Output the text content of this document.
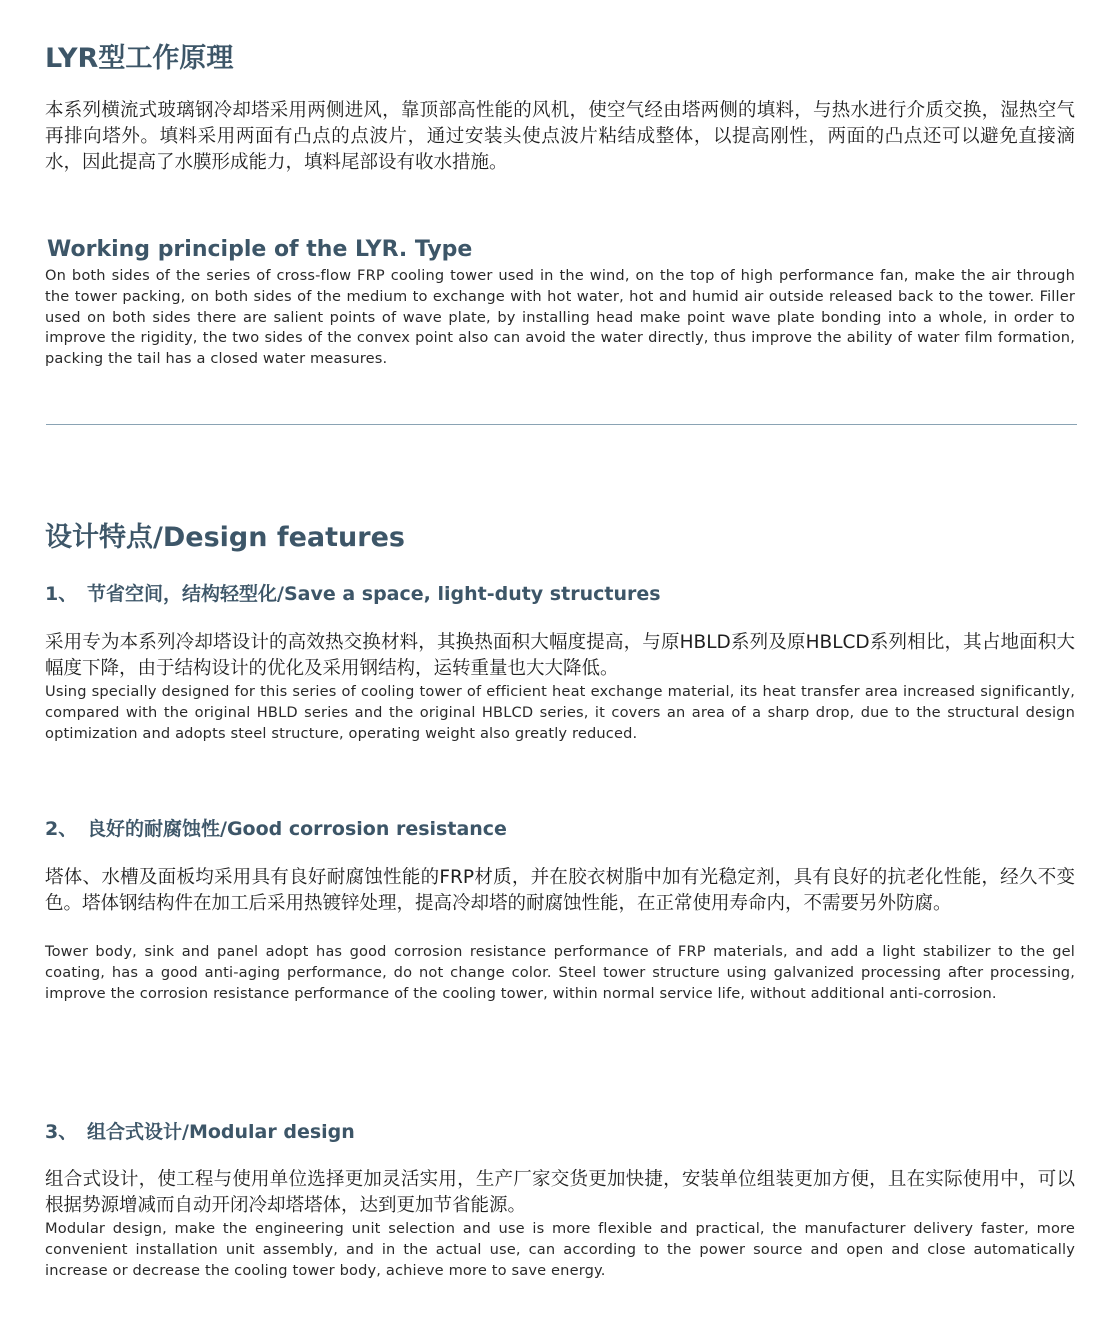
LYR型工作原理

本系列横流式玻璃钢冷却塔采用两侧进风，靠顶部高性能的风机，使空气经由塔两侧的填料，与热水进行介质交换，湿热空气再排向塔外。填料采用两面有凸点的点波片，通过安装头使点波片粘结成整体，以提高刚性，两面的凸点还可以避免直接滴水，因此提高了水膜形成能力，填料尾部设有收水措施。

Working principle of the LYR. Type

On both sides of the series of cross-flow FRP cooling tower used in the wind, on the top of high performance fan, make the air through the tower packing, on both sides of the medium to exchange with hot water, hot and humid air outside released back to the tower. Filler used on both sides there are salient points of wave plate, by installing head make point wave plate bonding into a whole, in order to improve the rigidity, the two sides of the convex point also can avoid the water directly, thus improve the ability of water film formation, packing the tail has a closed water measures.

设计特点/Design features
1、 节省空间，结构轻型化/Save a space, light-duty structures

采用专为本系列冷却塔设计的高效热交换材料，其换热面积大幅度提高，与原HBLD系列及原HBLCD系列相比，其占地面积大幅度下降，由于结构设计的优化及采用钢结构，运转重量也大大降低。

Using specially designed for this series of cooling tower of efficient heat exchange material, its heat transfer area increased significantly, compared with the original HBLD series and the original HBLCD series, it covers an area of a sharp drop, due to the structural design optimization and adopts steel structure, operating weight also greatly reduced.

2、 良好的耐腐蚀性/Good corrosion resistance

塔体、水槽及面板均采用具有良好耐腐蚀性能的FRP材质，并在胶衣树脂中加有光稳定剂，具有良好的抗老化性能，经久不变色。塔体钢结构件在加工后采用热镀锌处理，提高冷却塔的耐腐蚀性能，在正常使用寿命内，不需要另外防腐。

Tower body, sink and panel adopt has good corrosion resistance performance of FRP materials, and add a light stabilizer to the gel coating, has a good anti-aging performance, do not change color. Steel tower structure using galvanized processing after processing, improve the corrosion resistance performance of the cooling tower, within normal service life, without additional anti-corrosion.

3、 组合式设计/Modular design

组合式设计，使工程与使用单位选择更加灵活实用，生产厂家交货更加快捷，安装单位组装更加方便，且在实际使用中，可以根据势源增减而自动开闭冷却塔塔体，达到更加节省能源。

Modular design, make the engineering unit selection and use is more flexible and practical, the manufacturer delivery faster, more convenient installation unit assembly, and in the actual use, can according to the power source and open and close automatically increase or decrease the cooling tower body, achieve more to save energy.
